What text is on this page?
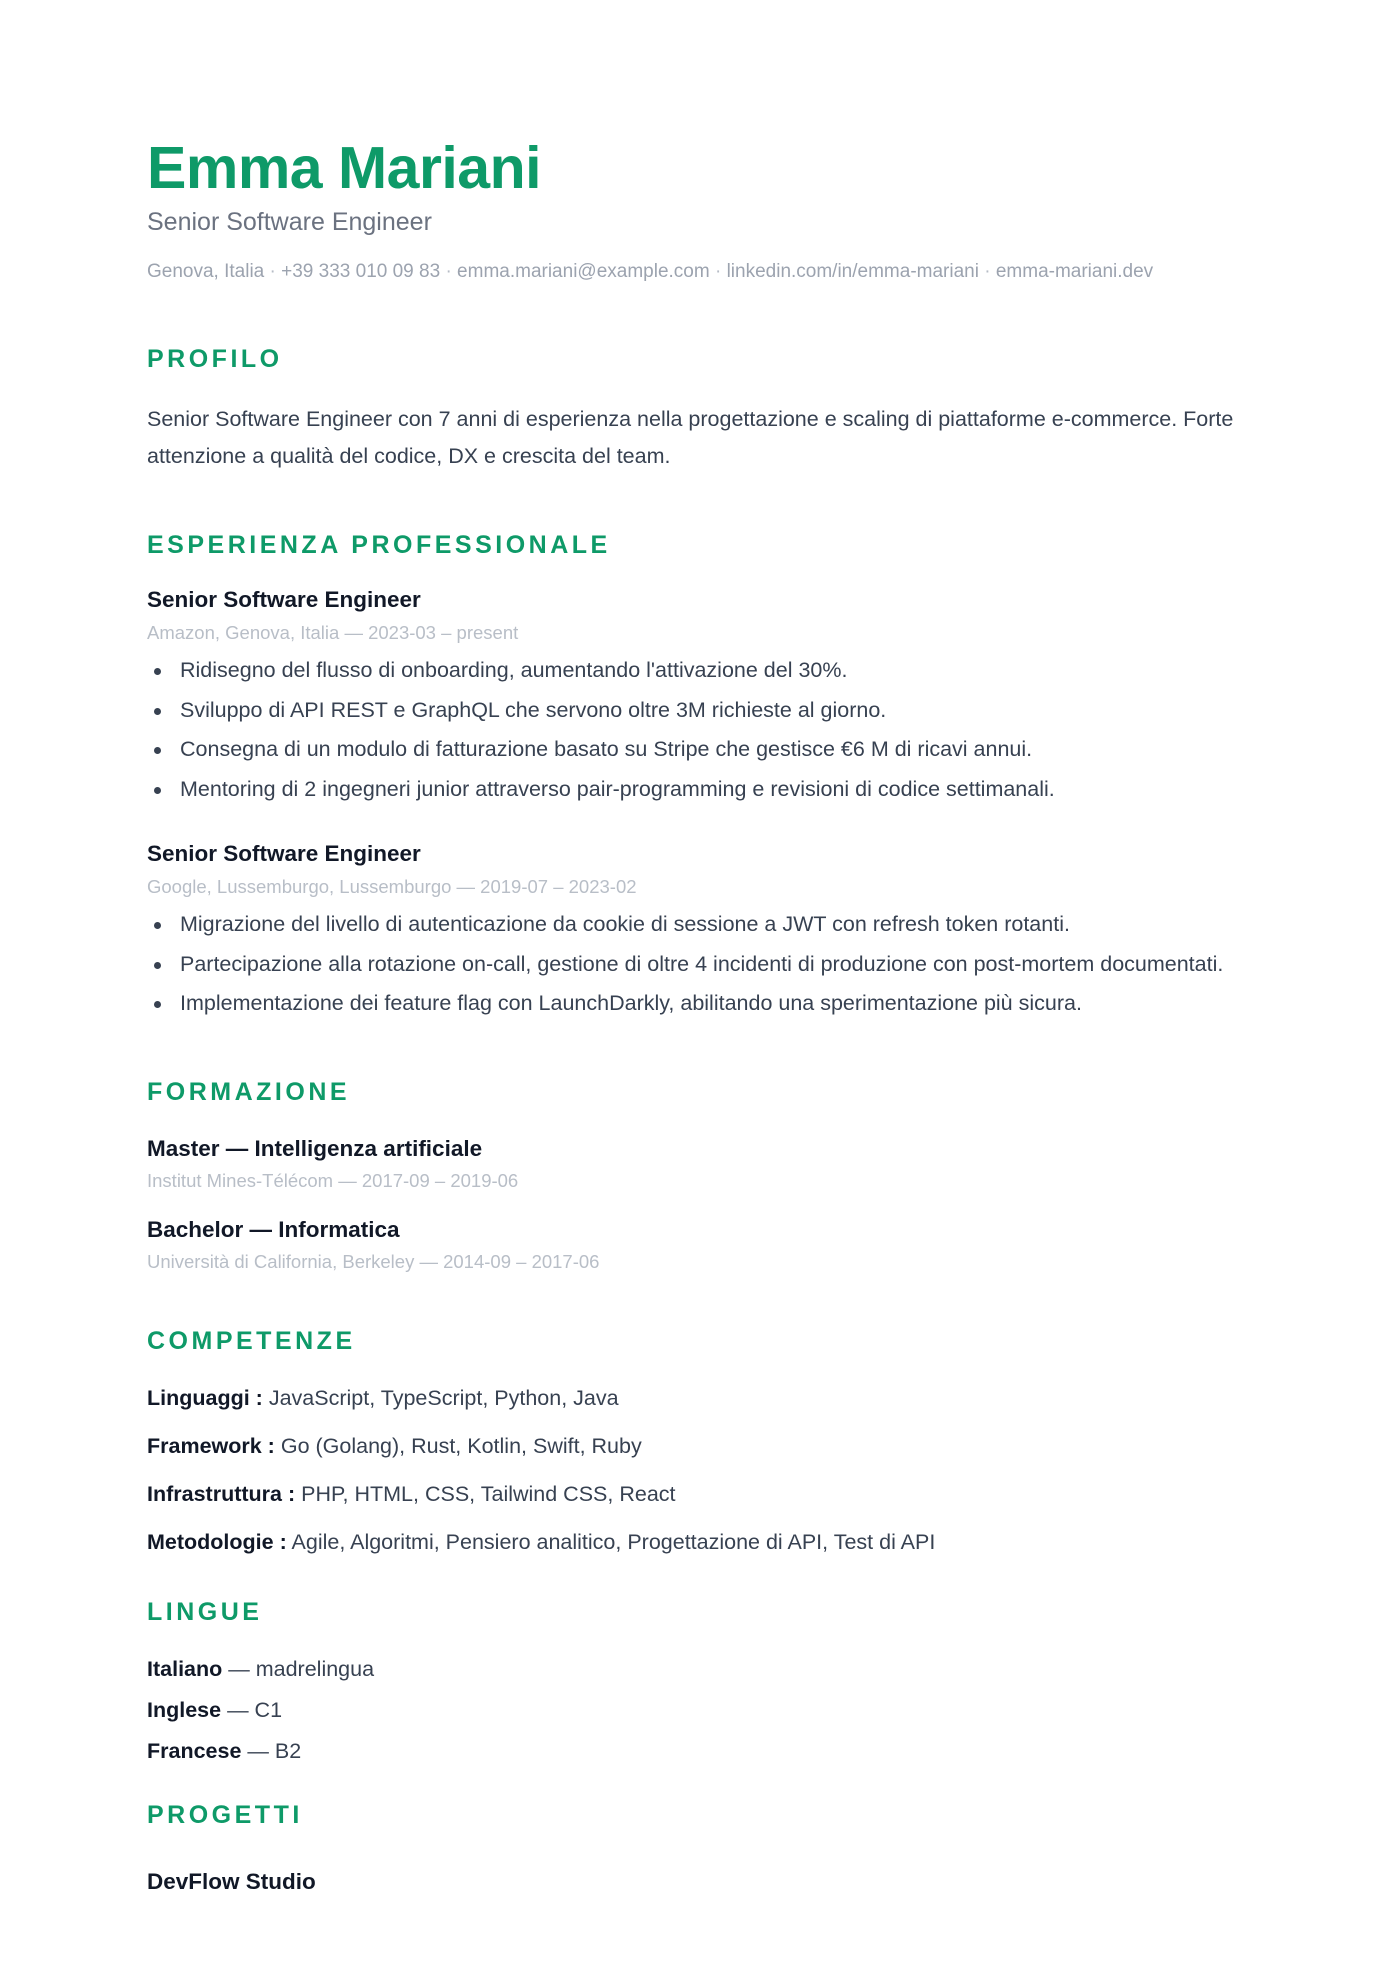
Emma Mariani
Senior Software Engineer
Genova, Italia · +39 333 010 09 83 · emma.mariani@example.com · linkedin.com/in/emma-mariani · emma-mariani.dev
PROFILO
Senior Software Engineer con 7 anni di esperienza nella progettazione e scaling di piattaforme e-commerce. Forte attenzione a qualità del codice, DX e crescita del team.
ESPERIENZA PROFESSIONALE
Senior Software Engineer
Amazon, Genova, Italia — 2023-03 – present
Ridisegno del flusso di onboarding, aumentando l'attivazione del 30%.
Sviluppo di API REST e GraphQL che servono oltre 3M richieste al giorno.
Consegna di un modulo di fatturazione basato su Stripe che gestisce €6 M di ricavi annui.
Mentoring di 2 ingegneri junior attraverso pair-programming e revisioni di codice settimanali.
Senior Software Engineer
Google, Lussemburgo, Lussemburgo — 2019-07 – 2023-02
Migrazione del livello di autenticazione da cookie di sessione a JWT con refresh token rotanti.
Partecipazione alla rotazione on-call, gestione di oltre 4 incidenti di produzione con post-mortem documentati.
Implementazione dei feature flag con LaunchDarkly, abilitando una sperimentazione più sicura.
FORMAZIONE
Master — Intelligenza artificiale
Institut Mines-Télécom — 2017-09 – 2019-06
Bachelor — Informatica
Università di California, Berkeley — 2014-09 – 2017-06
COMPETENZE
Linguaggi : JavaScript, TypeScript, Python, Java
Framework : Go (Golang), Rust, Kotlin, Swift, Ruby
Infrastruttura : PHP, HTML, CSS, Tailwind CSS, React
Metodologie : Agile, Algoritmi, Pensiero analitico, Progettazione di API, Test di API
LINGUE
Italiano — madrelingua
Inglese — C1
Francese — B2
PROGETTI
DevFlow Studio
